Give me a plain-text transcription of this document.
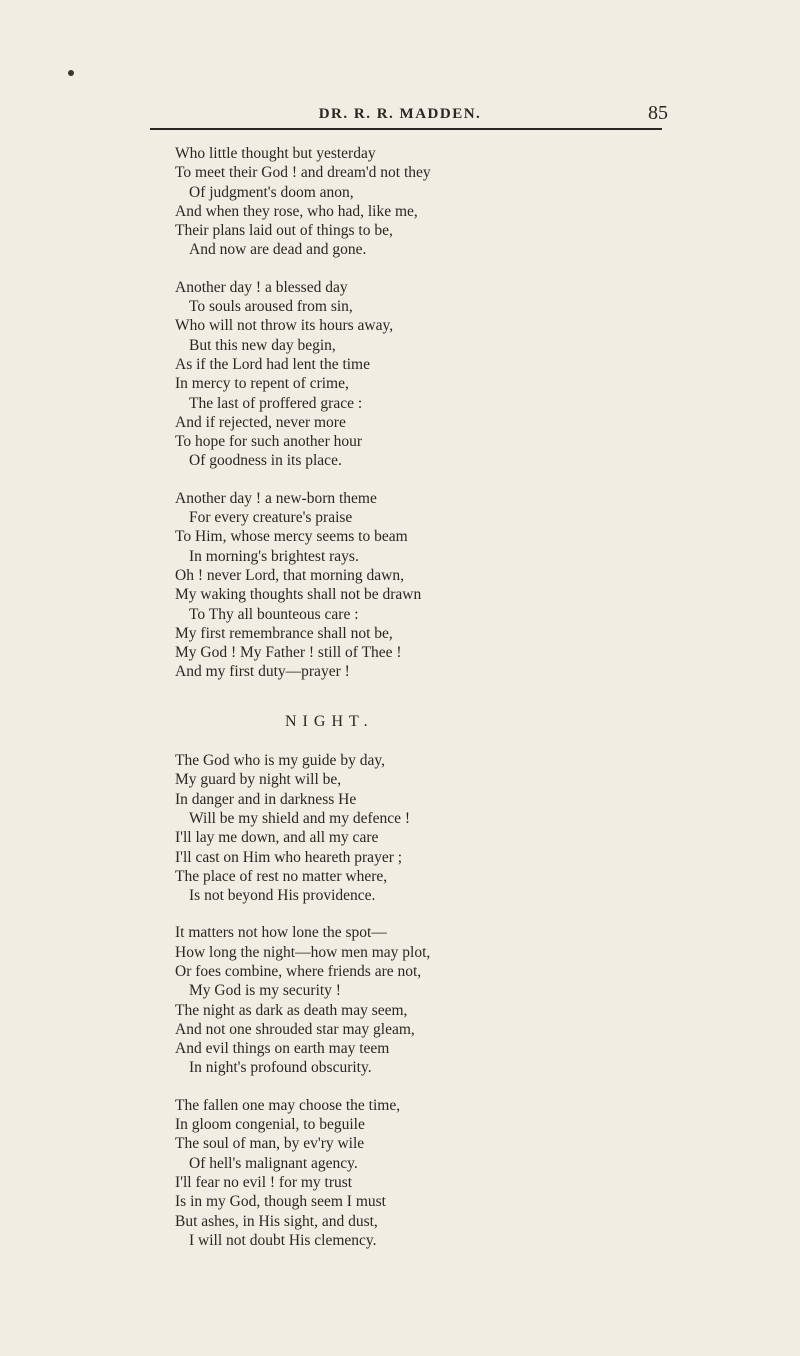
DR. R. R. MADDEN.	85
Who little thought but yesterday
To meet their God ! and dream'd not they
Of judgment's doom anon,
And when they rose, who had, like me,
Their plans laid out of things to be,
And now are dead and gone.
Another day ! a blessed day
To souls aroused from sin,
Who will not throw its hours away,
But this new day begin,
As if the Lord had lent the time
In mercy to repent of crime,
The last of proffered grace :
And if rejected, never more
To hope for such another hour
Of goodness in its place.
Another day ! a new-born theme
For every creature's praise
To Him, whose mercy seems to beam
In morning's brightest rays.
Oh ! never Lord, that morning dawn,
My waking thoughts shall not be drawn
To Thy all bounteous care :
My first remembrance shall not be,
My God ! My Father ! still of Thee !
And my first duty—prayer !
NIGHT.
The God who is my guide by day,
My guard by night will be,
In danger and in darkness He
Will be my shield and my defence !
I'll lay me down, and all my care
I'll cast on Him who heareth prayer ;
The place of rest no matter where,
Is not beyond His providence.
It matters not how lone the spot—
How long the night—how men may plot,
Or foes combine, where friends are not,
My God is my security !
The night as dark as death may seem,
And not one shrouded star may gleam,
And evil things on earth may teem
In night's profound obscurity.
The fallen one may choose the time,
In gloom congenial, to beguile
The soul of man, by ev'ry wile
Of hell's malignant agency.
I'll fear no evil ! for my trust
Is in my God, though seem I must
But ashes, in His sight, and dust,
I will not doubt His clemency.
